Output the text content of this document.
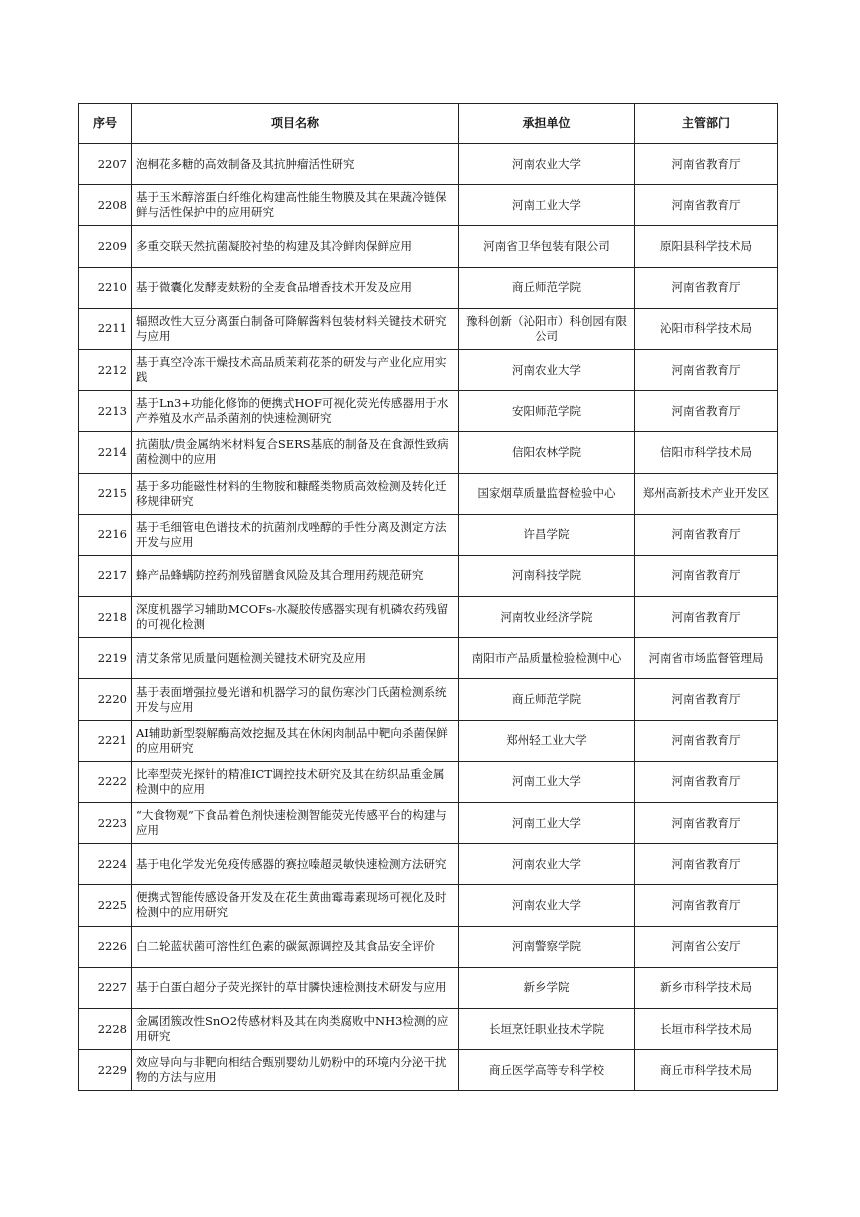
序号	项目名称	承担单位	主管部门
2207	泡桐花多糖的高效制备及其抗肿瘤活性研究	河南农业大学	河南省教育厅
2208	基于玉米醇溶蛋白纤维化构建高性能生物膜及其在果蔬冷链保鲜与活性保护中的应用研究	河南工业大学	河南省教育厅
2209	多重交联天然抗菌凝胶衬垫的构建及其冷鲜肉保鲜应用	河南省卫华包装有限公司	原阳县科学技术局
2210	基于微囊化发酵麦麸粉的全麦食品增香技术开发及应用	商丘师范学院	河南省教育厅
2211	辐照改性大豆分离蛋白制备可降解酱料包装材料关键技术研究与应用	豫科创新（沁阳市）科创园有限公司	沁阳市科学技术局
2212	基于真空冷冻干燥技术高品质茉莉花茶的研发与产业化应用实践	河南农业大学	河南省教育厅
2213	基于Ln3+功能化修饰的便携式HOF可视化荧光传感器用于水产养殖及水产品杀菌剂的快速检测研究	安阳师范学院	河南省教育厅
2214	抗菌肽/贵金属纳米材料复合SERS基底的制备及在食源性致病菌检测中的应用	信阳农林学院	信阳市科学技术局
2215	基于多功能磁性材料的生物胺和糠醛类物质高效检测及转化迁移规律研究	国家烟草质量监督检验中心	郑州高新技术产业开发区
2216	基于毛细管电色谱技术的抗菌剂戊唑醇的手性分离及测定方法开发与应用	许昌学院	河南省教育厅
2217	蜂产品蜂螨防控药剂残留膳食风险及其合理用药规范研究	河南科技学院	河南省教育厅
2218	深度机器学习辅助MCOFs-水凝胶传感器实现有机磷农药残留的可视化检测	河南牧业经济学院	河南省教育厅
2219	清艾条常见质量问题检测关键技术研究及应用	南阳市产品质量检验检测中心	河南省市场监督管理局
2220	基于表面增强拉曼光谱和机器学习的鼠伤寒沙门氏菌检测系统开发与应用	商丘师范学院	河南省教育厅
2221	AI辅助新型裂解酶高效挖掘及其在休闲肉制品中靶向杀菌保鲜的应用研究	郑州轻工业大学	河南省教育厅
2222	比率型荧光探针的精准ICT调控技术研究及其在纺织品重金属检测中的应用	河南工业大学	河南省教育厅
2223	“大食物观”下食品着色剂快速检测智能荧光传感平台的构建与应用	河南工业大学	河南省教育厅
2224	基于电化学发光免疫传感器的赛拉嗪超灵敏快速检测方法研究	河南农业大学	河南省教育厅
2225	便携式智能传感设备开发及在花生黄曲霉毒素现场可视化及时检测中的应用研究	河南农业大学	河南省教育厅
2226	白二轮蓝状菌可溶性红色素的碳氮源调控及其食品安全评价	河南警察学院	河南省公安厅
2227	基于白蛋白超分子荧光探针的草甘膦快速检测技术研发与应用	新乡学院	新乡市科学技术局
2228	金属团簇改性SnO2传感材料及其在肉类腐败中NH3检测的应用研究	长垣烹饪职业技术学院	长垣市科学技术局
2229	效应导向与非靶向相结合甄别婴幼儿奶粉中的环境内分泌干扰物的方法与应用	商丘医学高等专科学校	商丘市科学技术局
